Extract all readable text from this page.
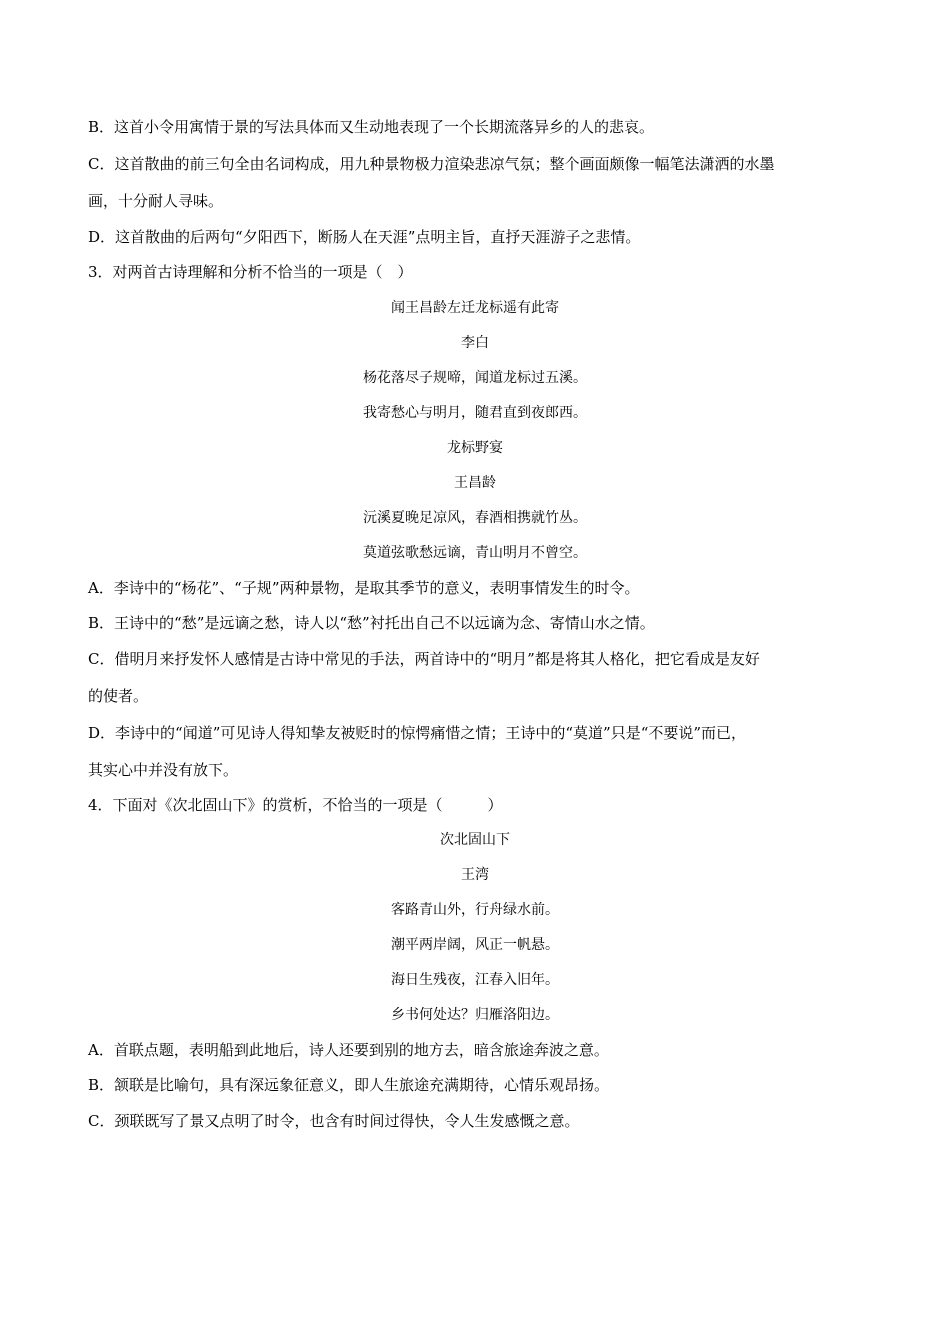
B．这首小令用寓情于景的写法具体而又生动地表现了一个长期流落异乡的人的悲哀。
C．这首散曲的前三句全由名词构成，用九种景物极力渲染悲凉气氛；整个画面颇像一幅笔法潇洒的水墨
画，十分耐人寻味。
D．这首散曲的后两句“夕阳西下，断肠人在天涯”点明主旨，直抒天涯游子之悲情。
3．对两首古诗理解和分析不恰当的一项是（　）
闻王昌龄左迁龙标遥有此寄
李白
杨花落尽子规啼，闻道龙标过五溪。
我寄愁心与明月，随君直到夜郎西。
龙标野宴
王昌龄
沅溪夏晚足凉风，春酒相携就竹丛。
莫道弦歌愁远谪，青山明月不曾空。
A．李诗中的“杨花”、“子规”两种景物，是取其季节的意义，表明事情发生的时令。
B．王诗中的“愁”是远谪之愁，诗人以“愁”衬托出自己不以远谪为念、寄情山水之情。
C．借明月来抒发怀人感情是古诗中常见的手法，两首诗中的“明月”都是将其人格化，把它看成是友好
的使者。
D．李诗中的“闻道”可见诗人得知挚友被贬时的惊愕痛惜之情；王诗中的“莫道”只是“不要说”而已，
其实心中并没有放下。
4．下面对《次北固山下》的赏析，不恰当的一项是（　　　）
次北固山下
王湾
客路青山外，行舟绿水前。
潮平两岸阔，风正一帆悬。
海日生残夜，江春入旧年。
乡书何处达？归雁洛阳边。
A．首联点题，表明船到此地后，诗人还要到别的地方去，暗含旅途奔波之意。
B．颔联是比喻句，具有深远象征意义，即人生旅途充满期待，心情乐观昂扬。
C．颈联既写了景又点明了时令，也含有时间过得快，令人生发感慨之意。
